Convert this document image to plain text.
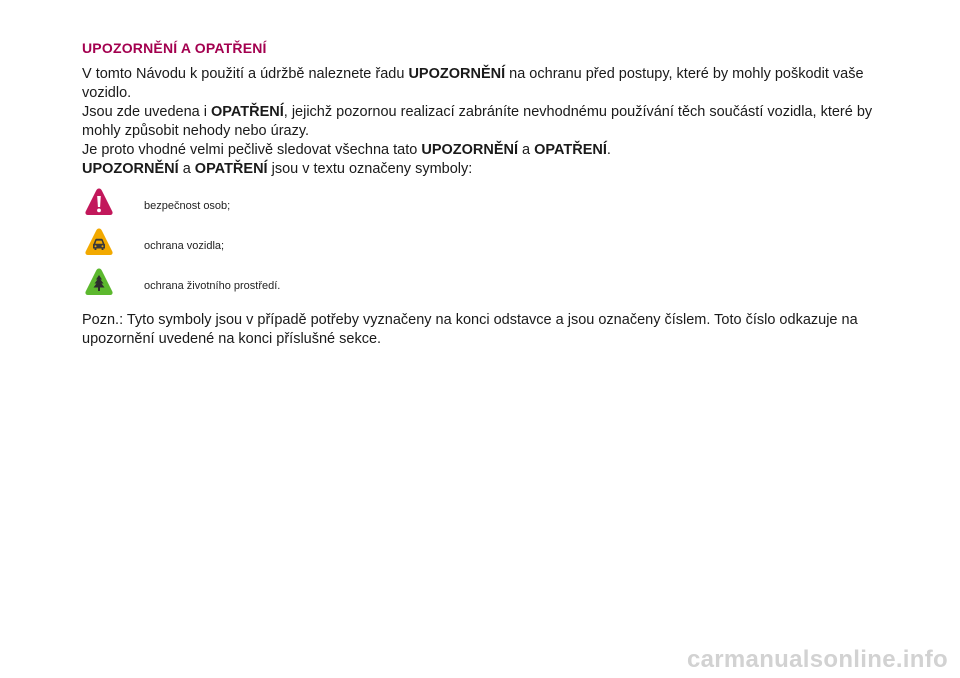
UPOZORNĚNÍ A OPATŘENÍ

V tomto Návodu k použití a údržbě naleznete řadu UPOZORNĚNÍ na ochranu před postupy, které by mohly poškodit vaše vozidlo.

Jsou zde uvedena i OPATŘENÍ, jejichž pozornou realizací zabráníte nevhodnému používání těch součástí vozidla, které by mohly způsobit nehody nebo úrazy.

Je proto vhodné velmi pečlivě sledovat všechna tato UPOZORNĚNÍ a OPATŘENÍ.

UPOZORNĚNÍ a OPATŘENÍ jsou v textu označeny symboly:

bezpečnost osob;
ochrana vozidla;
ochrana životního prostředí.

Pozn.: Tyto symboly jsou v případě potřeby vyznačeny na konci odstavce a jsou označeny číslem. Toto číslo odkazuje na upozornění uvedené na konci příslušné sekce.

carmanualsonline.info
